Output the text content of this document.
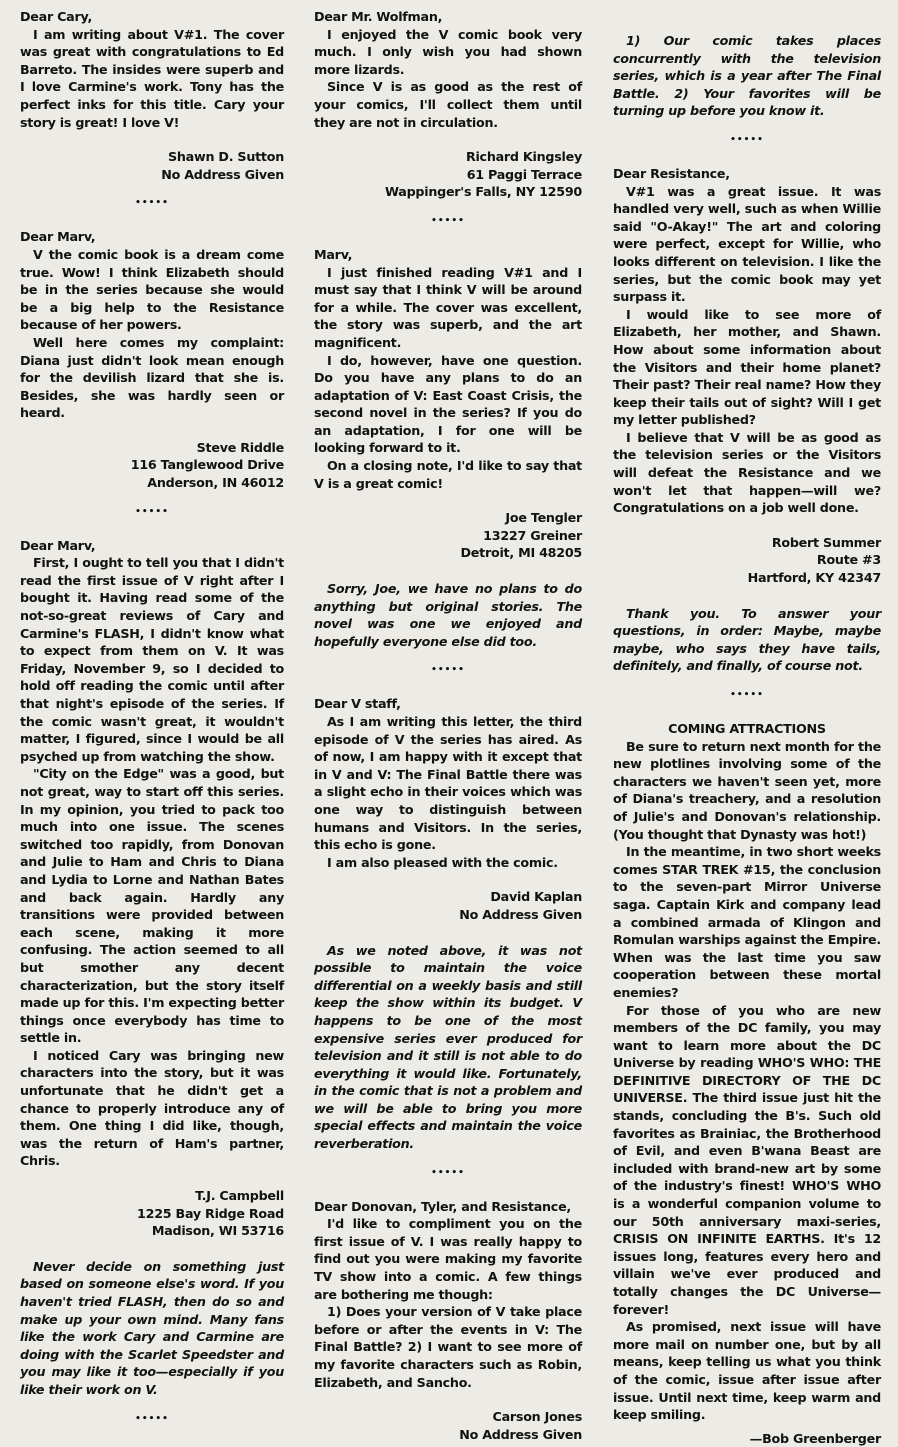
Dear Cary,

I am writing about V#1. The cover was great with congratulations to Ed Barreto. The insides were superb and I love Carmine's work. Tony has the perfect inks for this title. Cary your story is great! I love V!

Shawn D. Sutton
No Address Given

•••••

Dear Marv,

V the comic book is a dream come true. Wow! I think Elizabeth should be in the series because she would be a big help to the Resistance because of her powers.

Well here comes my complaint: Diana just didn't look mean enough for the devilish lizard that she is. Besides, she was hardly seen or heard.

Steve Riddle
116 Tanglewood Drive
Anderson, IN 46012

•••••

Dear Marv,

First, I ought to tell you that I didn't read the first issue of V right after I bought it. Having read some of the not-so-great reviews of Cary and Carmine's FLASH, I didn't know what to expect from them on V. It was Friday, November 9, so I decided to hold off reading the comic until after that night's episode of the series. If the comic wasn't great, it wouldn't matter, I figured, since I would be all psyched up from watching the show.

"City on the Edge" was a good, but not great, way to start off this series. In my opinion, you tried to pack too much into one issue. The scenes switched too rapidly, from Donovan and Julie to Ham and Chris to Diana and Lydia to Lorne and Nathan Bates and back again. Hardly any transitions were provided between each scene, making it more confusing. The action seemed to all but smother any decent characterization, but the story itself made up for this. I'm expecting better things once everybody has time to settle in.

I noticed Cary was bringing new characters into the story, but it was unfortunate that he didn't get a chance to properly introduce any of them. One thing I did like, though, was the return of Ham's partner, Chris.

T.J. Campbell
1225 Bay Ridge Road
Madison, WI 53716

Never decide on something just based on someone else's word. If you haven't tried FLASH, then do so and make up your own mind. Many fans like the work Cary and Carmine are doing with the Scarlet Speedster and you may like it too—especially if you like their work on V.

•••••

Dear Mr. Wolfman,

I enjoyed the V comic book very much. I only wish you had shown more lizards.

Since V is as good as the rest of your comics, I'll collect them until they are not in circulation.

Richard Kingsley
61 Paggi Terrace
Wappinger's Falls, NY 12590

•••••

Marv,

I just finished reading V#1 and I must say that I think V will be around for a while. The cover was excellent, the story was superb, and the art magnificent.

I do, however, have one question. Do you have any plans to do an adaptation of V: East Coast Crisis, the second novel in the series? If you do an adaptation, I for one will be looking forward to it.

On a closing note, I'd like to say that V is a great comic!

Joe Tengler
13227 Greiner
Detroit, MI 48205

Sorry, Joe, we have no plans to do anything but original stories. The novel was one we enjoyed and hopefully everyone else did too.

•••••

Dear V staff,

As I am writing this letter, the third episode of V the series has aired. As of now, I am happy with it except that in V and V: The Final Battle there was a slight echo in their voices which was one way to distinguish between humans and Visitors. In the series, this echo is gone.

I am also pleased with the comic.

David Kaplan
No Address Given

As we noted above, it was not possible to maintain the voice differential on a weekly basis and still keep the show within its budget. V happens to be one of the most expensive series ever produced for television and it still is not able to do everything it would like. Fortunately, in the comic that is not a problem and we will be able to bring you more special effects and maintain the voice reverberation.

•••••

Dear Donovan, Tyler, and Resistance,

I'd like to compliment you on the first issue of V. I was really happy to find out you were making my favorite TV show into a comic. A few things are bothering me though:

1) Does your version of V take place before or after the events in V: The Final Battle? 2) I want to see more of my favorite characters such as Robin, Elizabeth, and Sancho.

Carson Jones
No Address Given

1) Our comic takes places concurrently with the television series, which is a year after The Final Battle. 2) Your favorites will be turning up before you know it.

•••••

Dear Resistance,

V#1 was a great issue. It was handled very well, such as when Willie said "O-Akay!" The art and coloring were perfect, except for Willie, who looks different on television. I like the series, but the comic book may yet surpass it.

I would like to see more of Elizabeth, her mother, and Shawn. How about some information about the Visitors and their home planet? Their past? Their real name? How they keep their tails out of sight? Will I get my letter published?

I believe that V will be as good as the television series or the Visitors will defeat the Resistance and we won't let that happen—will we? Congratulations on a job well done.

Robert Summer
Route #3
Hartford, KY 42347

Thank you. To answer your questions, in order: Maybe, maybe maybe, who says they have tails, definitely, and finally, of course not.

•••••

COMING ATTRACTIONS

Be sure to return next month for the new plotlines involving some of the characters we haven't seen yet, more of Diana's treachery, and a resolution of Julie's and Donovan's relationship. (You thought that Dynasty was hot!)

In the meantime, in two short weeks comes STAR TREK #15, the conclusion to the seven-part Mirror Universe saga. Captain Kirk and company lead a combined armada of Klingon and Romulan warships against the Empire. When was the last time you saw cooperation between these mortal enemies?

For those of you who are new members of the DC family, you may want to learn more about the DC Universe by reading WHO'S WHO: THE DEFINITIVE DIRECTORY OF THE DC UNIVERSE. The third issue just hit the stands, concluding the B's. Such old favorites as Brainiac, the Brotherhood of Evil, and even B'wana Beast are included with brand-new art by some of the industry's finest! WHO'S WHO is a wonderful companion volume to our 50th anniversary maxi-series, CRISIS ON INFINITE EARTHS. It's 12 issues long, features every hero and villain we've ever produced and totally changes the DC Universe—forever!

As promised, next issue will have more mail on number one, but by all means, keep telling us what you think of the comic, issue after issue after issue. Until next time, keep warm and keep smiling.

—Bob Greenberger
